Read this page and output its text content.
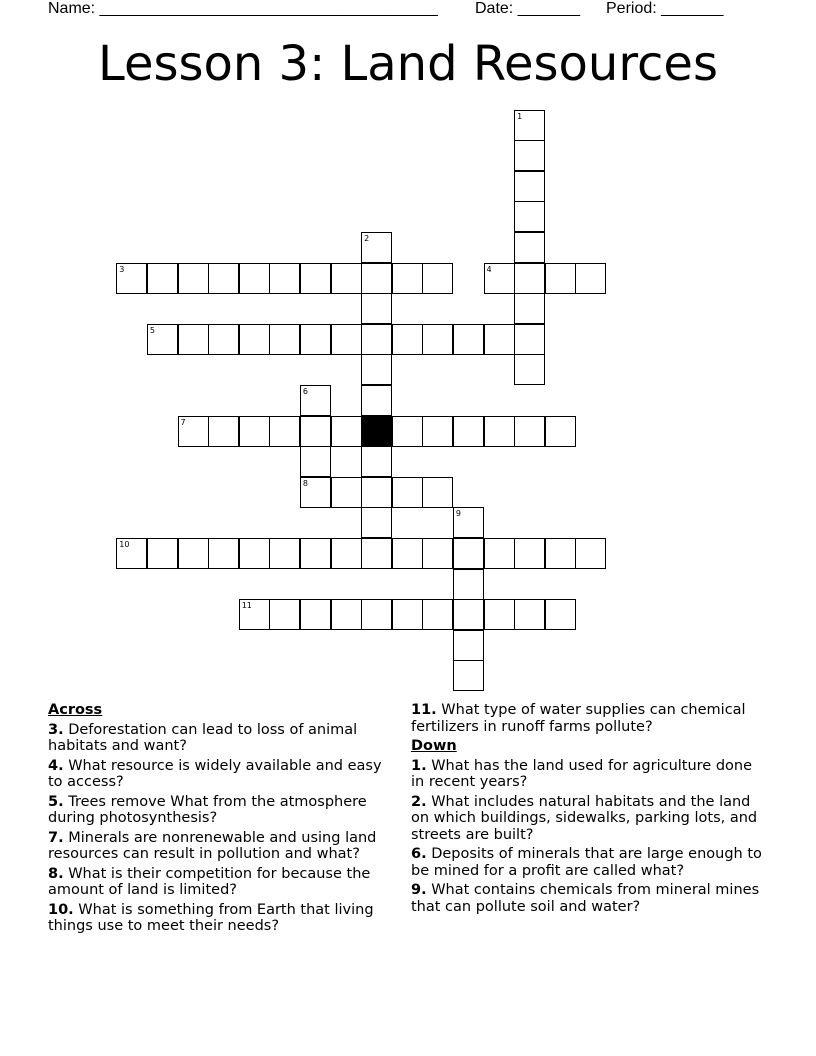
Name: ______________________________________ Date: _______ Period: _______
Lesson 3: Land Resources
1
2
3	4
5
6
8
7
9
10
11
Across
3. Deforestation can lead to loss of animal habitats and want?
4. What resource is widely available and easy to access?
5. Trees remove What from the atmosphere during photosynthesis?
7. Minerals are nonrenewable and using land resources can result in pollution and what?
8. What is their competition for because the amount of land is limited?
10. What is something from Earth that living things use to meet their needs?
11. What type of water supplies can chemical fertilizers in runoff farms pollute?
Down
1. What has the land used for agriculture done in recent years?
2. What includes natural habitats and the land on which buildings, sidewalks, parking lots, and streets are built?
6. Deposits of minerals that are large enough to be mined for a profit are called what?
9. What contains chemicals from mineral mines that can pollute soil and water?
